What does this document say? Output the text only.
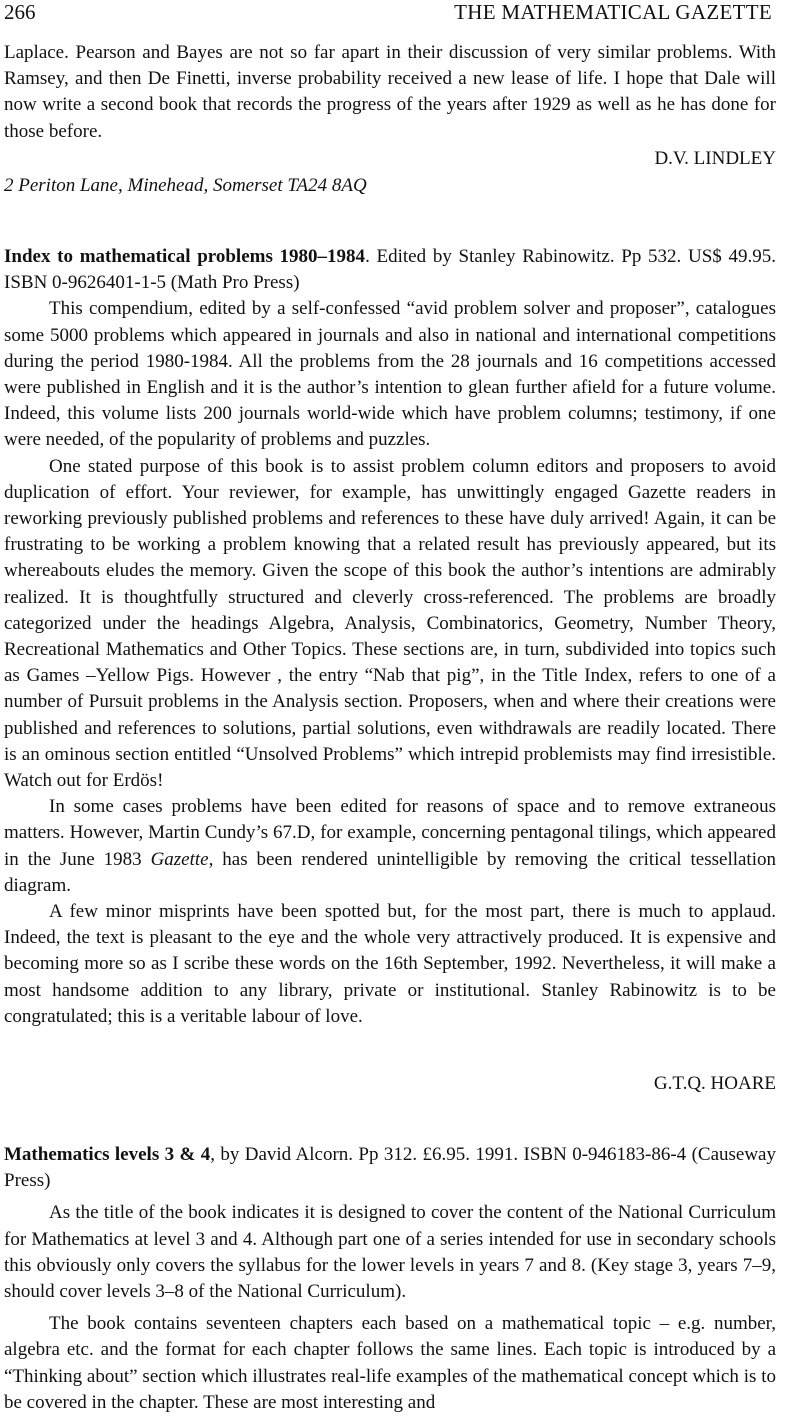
266	THE MATHEMATICAL GAZETTE

Laplace. Pearson and Bayes are not so far apart in their discussion of very similar problems. With Ramsey, and then De Finetti, inverse probability received a new lease of life. I hope that Dale will now write a second book that records the progress of the years after 1929 as well as he has done for those before.

D.V. LINDLEY
2 Periton Lane, Minehead, Somerset TA24 8AQ

Index to mathematical problems 1980–1984. Edited by Stanley Rabinowitz. Pp 532. US$ 49.95. ISBN 0-9626401-1-5 (Math Pro Press)

This compendium, edited by a self-confessed “avid problem solver and proposer”, catalogues some 5000 problems which appeared in journals and also in national and international competitions during the period 1980-1984. All the problems from the 28 journals and 16 competitions accessed were published in English and it is the author’s intention to glean further afield for a future volume. Indeed, this volume lists 200 journals world-wide which have problem columns; testimony, if one were needed, of the popularity of problems and puzzles.

One stated purpose of this book is to assist problem column editors and proposers to avoid duplication of effort. Your reviewer, for example, has unwittingly engaged Gazette readers in reworking previously published problems and references to these have duly arrived! Again, it can be frustrating to be working a problem knowing that a related result has previously appeared, but its whereabouts eludes the memory. Given the scope of this book the author’s intentions are admirably realized. It is thoughtfully structured and cleverly cross-referenced. The problems are broadly categorized under the headings Algebra, Analysis, Combinatorics, Geometry, Number Theory, Recreational Mathematics and Other Topics. These sections are, in turn, subdivided into topics such as Games –Yellow Pigs. However , the entry “Nab that pig”, in the Title Index, refers to one of a number of Pursuit problems in the Analysis section. Proposers, when and where their creations were published and references to solutions, partial solutions, even withdrawals are readily located. There is an ominous section entitled “Unsolved Problems” which intrepid problemists may find irresistible. Watch out for Erdös!

In some cases problems have been edited for reasons of space and to remove extraneous matters. However, Martin Cundy’s 67.D, for example, concerning pentagonal tilings, which appeared in the June 1983 Gazette, has been rendered unintelligible by removing the critical tessellation diagram.

A few minor misprints have been spotted but, for the most part, there is much to applaud. Indeed, the text is pleasant to the eye and the whole very attractively produced. It is expensive and becoming more so as I scribe these words on the 16th September, 1992. Nevertheless, it will make a most handsome addition to any library, private or institutional. Stanley Rabinowitz is to be congratulated; this is a veritable labour of love.

G.T.Q. HOARE

Mathematics levels 3 & 4, by David Alcorn. Pp 312. £6.95. 1991. ISBN 0-946183-86-4 (Causeway Press)

As the title of the book indicates it is designed to cover the content of the National Curriculum for Mathematics at level 3 and 4. Although part one of a series intended for use in secondary schools this obviously only covers the syllabus for the lower levels in years 7 and 8. (Key stage 3, years 7–9, should cover levels 3–8 of the National Curriculum).

The book contains seventeen chapters each based on a mathematical topic – e.g. number, algebra etc. and the format for each chapter follows the same lines. Each topic is introduced by a “Thinking about” section which illustrates real-life examples of the mathematical concept which is to be covered in the chapter. These are most interesting and
